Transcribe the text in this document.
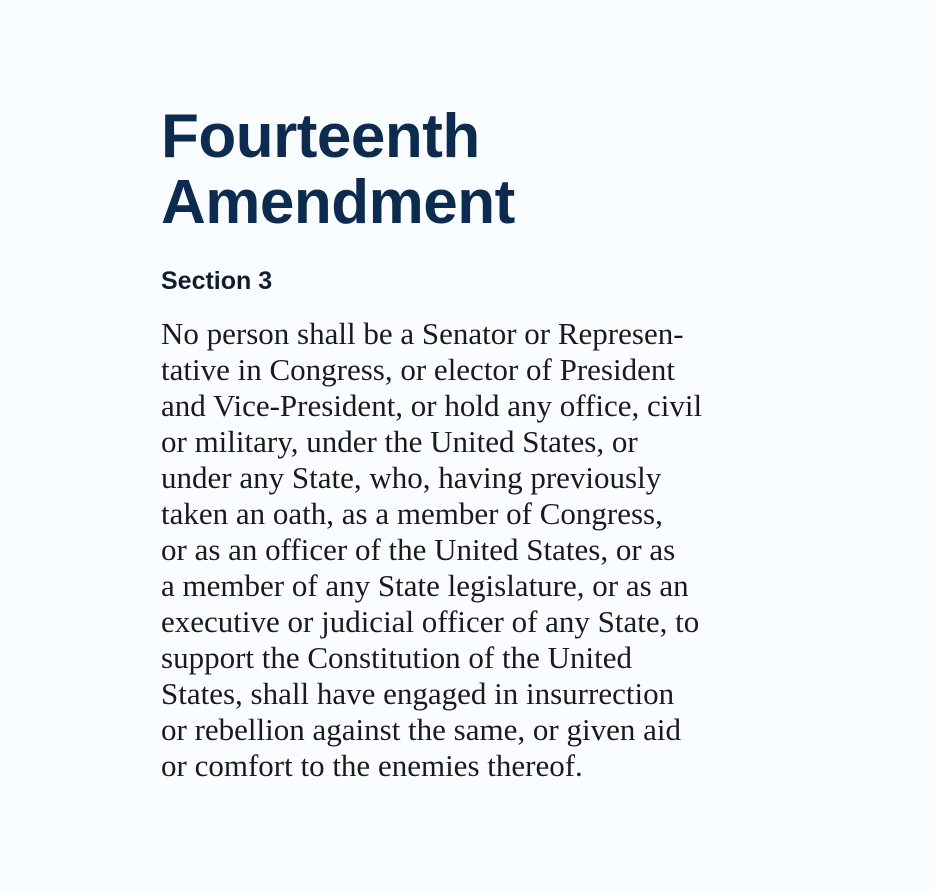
Fourteenth
Amendment
Section 3

No person shall be a Senator or Represen-
tative in Congress, or elector of President
and Vice-President, or hold any office, civil
or military, under the United States, or
under any State, who, having previously
taken an oath, as a member of Congress,
or as an officer of the United States, or as
a member of any State legislature, or as an
executive or judicial officer of any State, to
support the Constitution of the United
States, shall have engaged in insurrection
or rebellion against the same, or given aid
or comfort to the enemies thereof.
